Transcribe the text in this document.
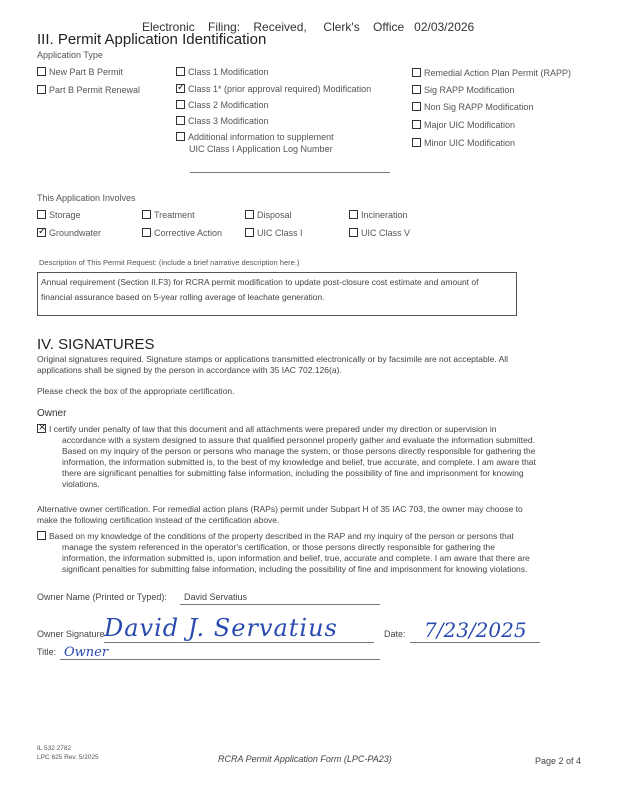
Electronic    Filing:    Received,     Clerk's    Office   02/03/2026
III. Permit Application Identification
Application Type
New Part B Permit
Part B Permit Renewal
Class 1 Modification
✓
Class 1* (prior approval required) Modification
Class 2 Modification
Class 3 Modification
Additional information to supplement
UIC Class I Application Log Number
Remedial Action Plan Permit (RAPP)
Sig RAPP Modification
Non Sig RAPP Modification
Major UIC Modification
Minor UIC Modification
This Application Involves
Storage	Treatment	Disposal	Incineration
✓
Groundwater	Corrective Action	UIC Class I	UIC Class V
Description of This Permit Request: (include a brief narrative description here.)
Annual requirement (Section II.F3) for RCRA permit modification to update post-closure cost estimate and amount of
financial assurance based on 5-year rolling average of leachate generation.
IV. SIGNATURES
Original signatures required. Signature stamps or applications transmitted electronically or by facsimile are not acceptable. All
applications shall be signed by the person in accordance with 35 IAC 702.126(a).
Please check the box of the appropriate certification.
Owner
×
I certify under penalty of law that this document and all attachments were prepared under my direction or supervision in
accordance with a system designed to assure that qualified personnel properly gather and evaluate the information submitted.
Based on my inquiry of the person or persons who manage the system, or those persons directly responsible for gathering the
information, the information submitted is, to the best of my knowledge and belief, true accurate, and complete. I am aware that
there are significant penalties for submitting false information, including the possibility of fine and imprisonment for knowing
violations.
Alternative owner certification. For remedial action plans (RAPs) permit under Subpart H of 35 IAC 703, the owner may choose to
make the following certification instead of the certification above.
Based on my knowledge of the conditions of the property described in the RAP and my inquiry of the person or persons that
manage the system referenced in the operator's certification, or those persons directly responsible for gathering the
information, the information submitted is, upon information and belief, true, accurate and complete. I am aware that there are
significant penalties for submitting false information, including the possibility of fine and imprisonment for knowing violations.
Owner Name (Printed or Typed): David Servatius
Owner Signature David J. Servatius	Date: 7/23/2025
Title: Owner
IL 532 2782
LPC 625 Rev. 5/2025	RCRA Permit Application Form (LPC-PA23)	Page 2 of 4
